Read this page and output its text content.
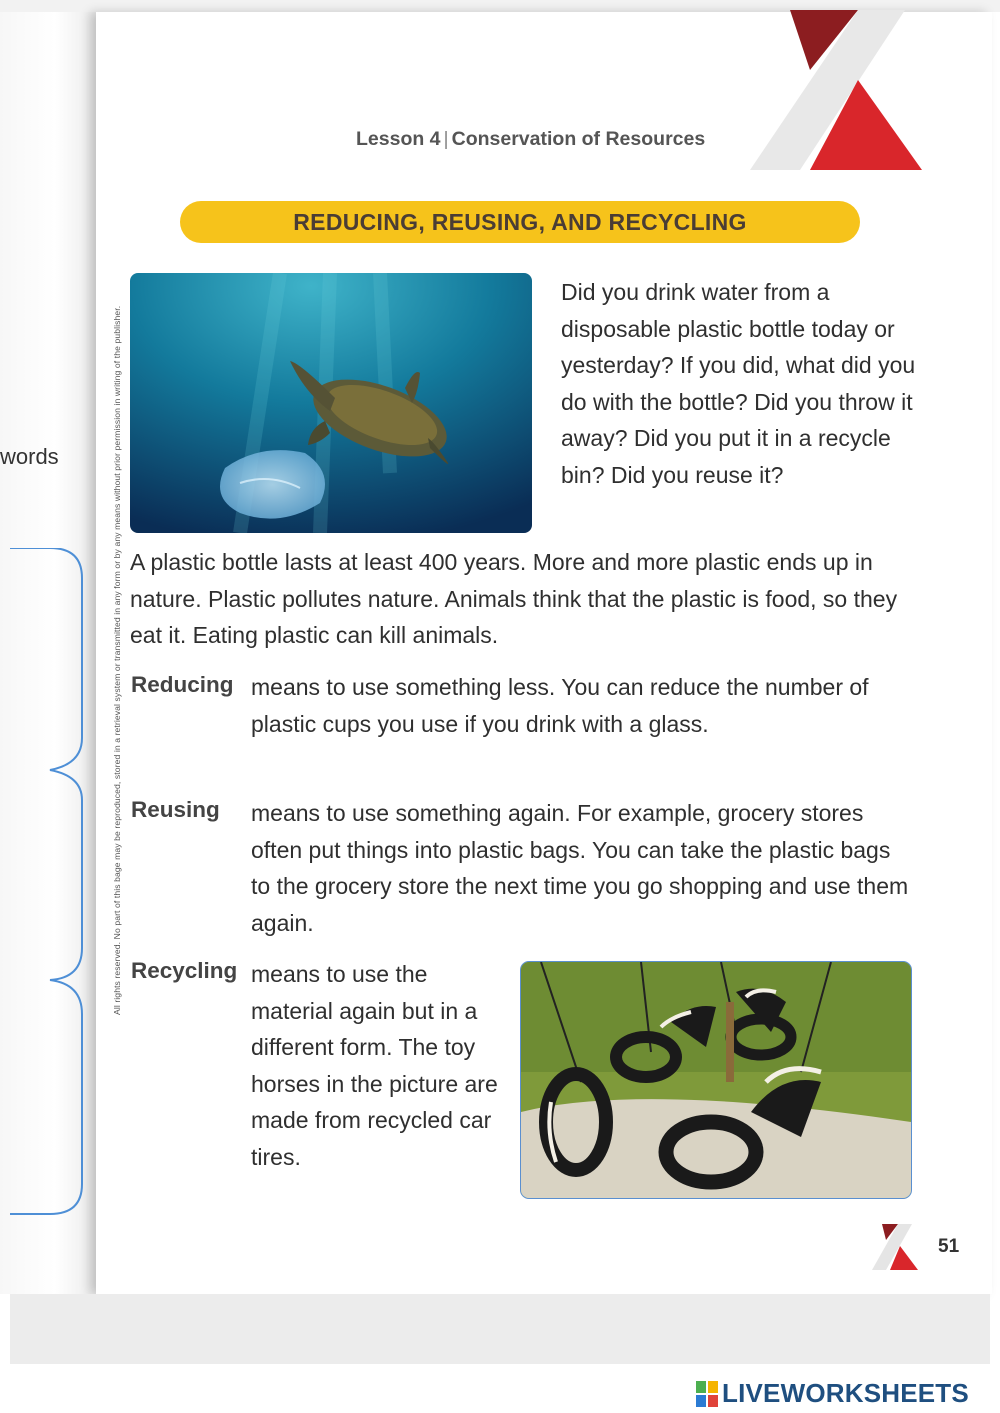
words	All rights reserved. No part of this bage may be reproduced, stored in a retrieval system or transmitted in any form or by any means without prior permission in writing of the publisher.
Lesson 4 | Conservation of Resources
REDUCING, REUSING, AND RECYCLING
Did you drink water from a disposable plastic bottle today or yesterday? If you did, what did you do with the bottle? Did you throw it away? Did you put it in a recycle bin? Did you reuse it?
A plastic bottle lasts at least 400 years. More and more plastic ends up in nature. Plastic pollutes nature. Animals think that the plastic is food, so they eat it. Eating plastic can kill animals.
Reducing means to use something less. You can reduce the number of plastic cups you use if you drink with a glass.
Reusing means to use something again. For example, grocery stores often put things into plastic bags. You can take the plastic bags to the grocery store the next time you go shopping and use them again.
Recycling means to use the material again but in a different form. The toy horses in the picture are made from recycled car tires.
51
LIVEWORKSHEETS
